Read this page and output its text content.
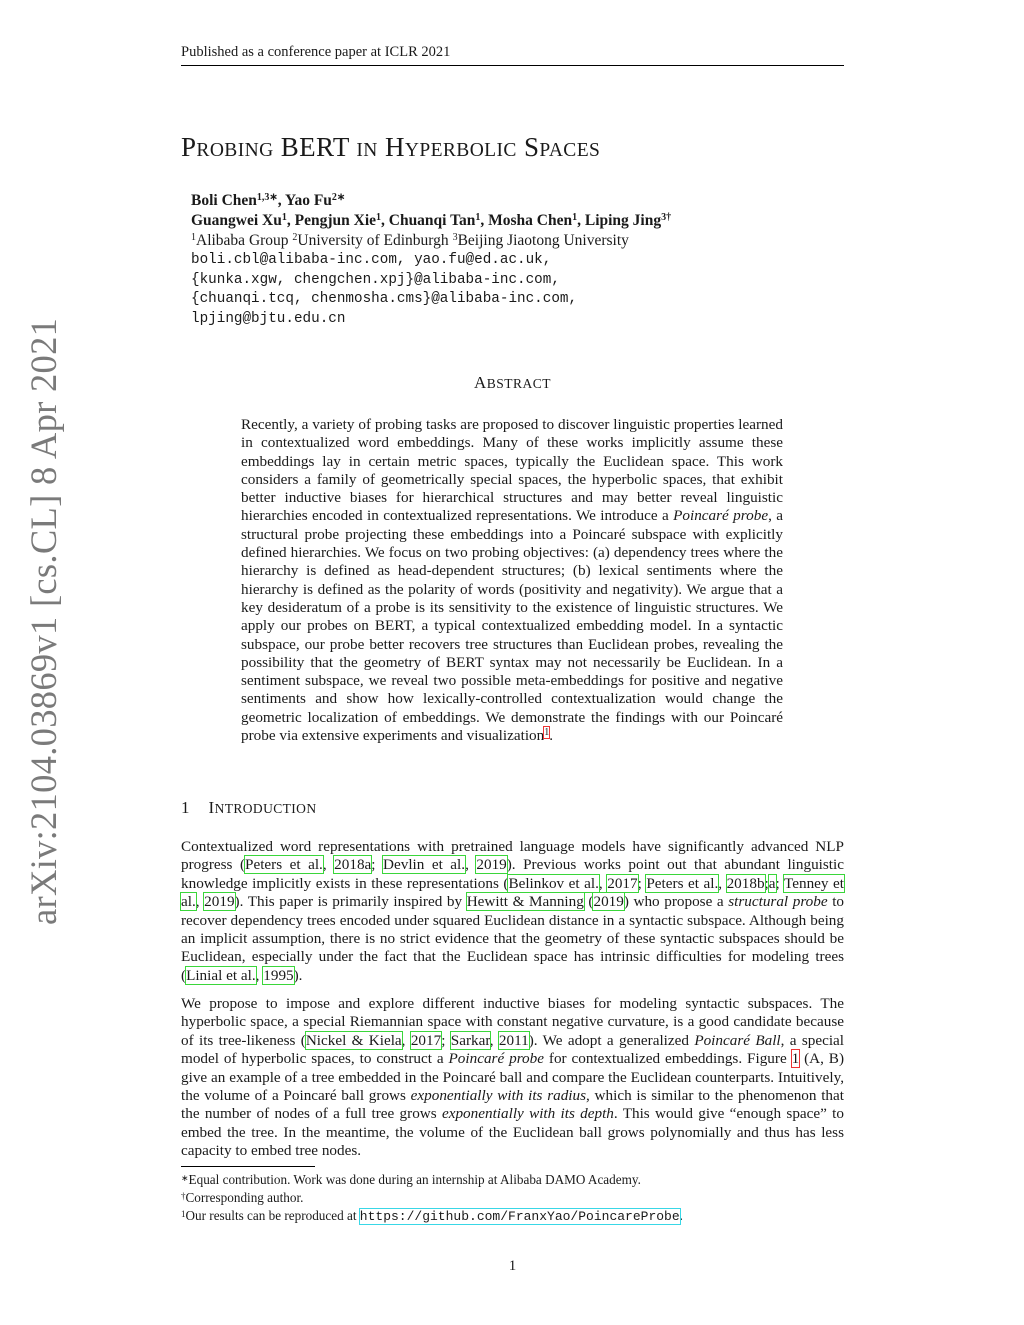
Published as a conference paper at ICLR 2021
PROBING BERT IN HYPERBOLIC SPACES
Boli Chen$^{1,3∗}$, Yao $Fu^{2∗}$
Guangwei Xu$^1$, Pengjun Xie$^1$, Chuanqi Tan$^1$, Mosha Chen$^1$, Liping Jing$^{3\dagger}$
$^1$Alibaba Group $^2$University of Edinburgh $^3$Beijing Jiaotong University
boli.cbl@alibaba-inc.com, yao.fu@ed.ac.uk,
{kunka.xgw, chengchen.xpj}@alibaba-inc.com,
{chuanqi.tcq, chenmosha.cms}@alibaba-inc.com,
lpjing@bjtu.edu.cn
arXiv:2104.03869v1 [cs.CL] 8 Apr 2021	ABSTRACT
Recently, a variety of probing tasks are proposed to discover linguistic properties learned in contextualized word embeddings. Many of these works implicitly assume these embeddings lay in certain metric spaces, typically the Euclidean space. This work considers a family of geometrically special spaces, the hyperbolic spaces, that exhibit better inductive biases for hierarchical structures and may better reveal linguistic hierarchies encoded in contextualized representations. We introduce a Poincaré probe, a structural probe projecting these embeddings into a Poincaré subspace with explicitly defined hierarchies. We focus on two probing objectives: (a) dependency trees where the hierarchy is defined as head-dependent structures; (b) lexical sentiments where the hierarchy is defined as the polarity of words (positivity and negativity). We argue that a key desideratum of a probe is its sensitivity to the existence of linguistic structures. We apply our probes on BERT, a typical contextualized embedding model. In a syntactic subspace, our probe better recovers tree structures than Euclidean probes, revealing the possibility that the geometry of BERT syntax may not necessarily be Euclidean. In a sentiment subspace, we reveal two possible meta-embeddings for positive and negative sentiments and show how lexically-controlled contextualization would change the geometric localization of embeddings. We demonstrate the findings with our Poincaré probe via extensive experiments and visualization$^1$.
1 INTRODUCTION
Contextualized word representations with pretrained language models have significantly advanced NLP progress (Peters et al., 2018a; Devlin et al., 2019). Previous works point out that abundant linguistic knowledge implicitly exists in these representations (Belinkov et al., 2017; Peters et al., 2018b;a; Tenney et al., 2019). This paper is primarily inspired by Hewitt & Manning (2019) who propose a structural probe to recover dependency trees encoded under squared Euclidean distance in a syntactic subspace. Although being an implicit assumption, there is no strict evidence that the geometry of these syntactic subspaces should be Euclidean, especially under the fact that the Euclidean space has intrinsic difficulties for modeling trees (Linial et al., 1995).
We propose to impose and explore different inductive biases for modeling syntactic subspaces. The hyperbolic space, a special Riemannian space with constant negative curvature, is a good candidate because of its tree-likeness (Nickel & Kiela, 2017; Sarkar, 2011). We adopt a generalized Poincaré Ball, a special model of hyperbolic spaces, to construct a Poincaré probe for contextualized embeddings. Figure 1 (A, B) give an example of a tree embedded in the Poincaré ball and compare the Euclidean counterparts. Intuitively, the volume of a Poincaré ball grows exponentially with its radius, which is similar to the phenomenon that the number of nodes of a full tree grows exponentially with its depth. This would give “enough space” to embed the tree. In the meantime, the volume of the Euclidean ball grows polynomially and thus has less capacity to embed tree nodes.
∗Equal contribution. Work was done during an internship at Alibaba DAMO Academy.
†Corresponding author.
$^1$Our results can be reproduced at https://github.com/FranxYao/PoincareProbe.
1
